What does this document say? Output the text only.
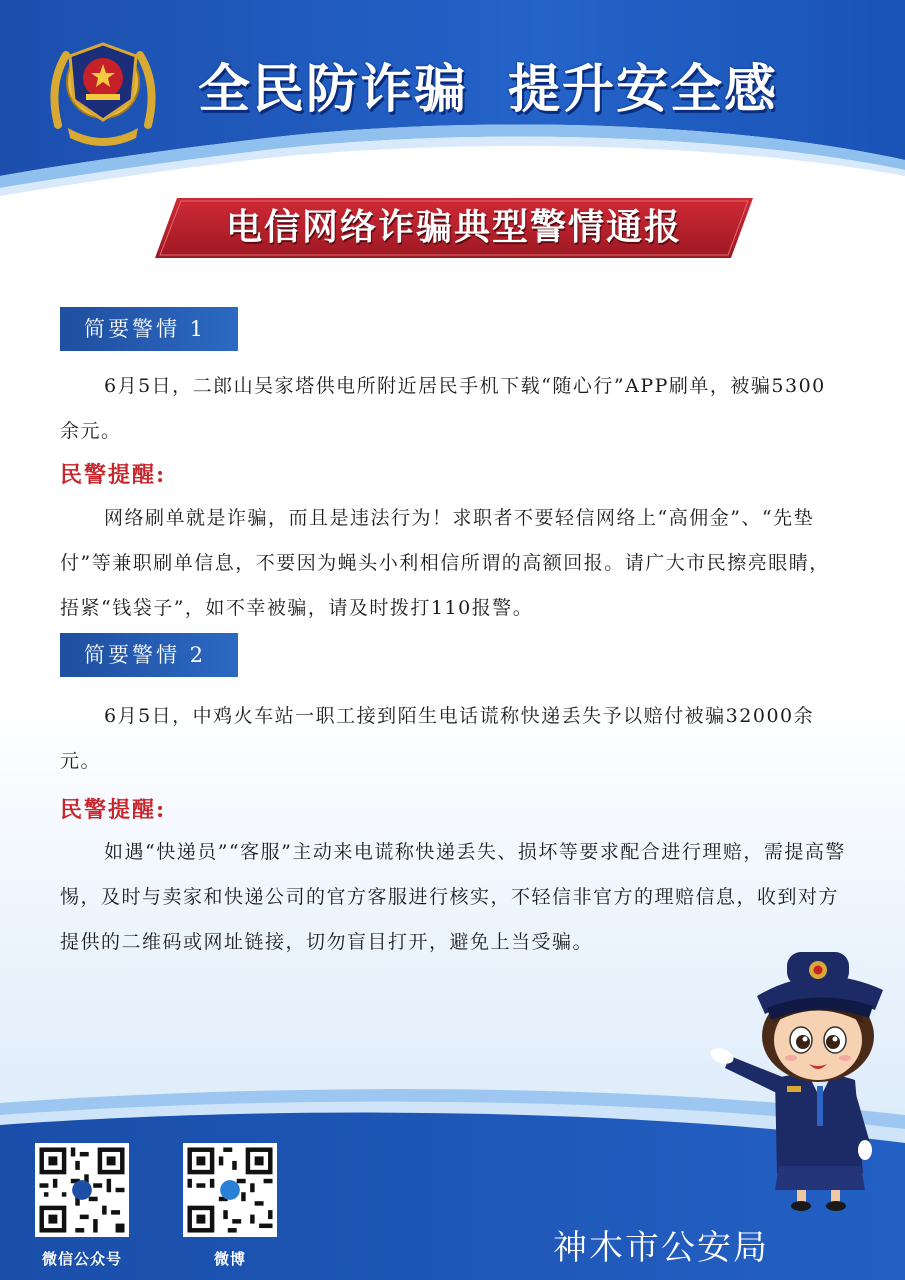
全民防诈骗 提升安全感
电信网络诈骗典型警情通报
简要警情 1

6月5日，二郎山吴家塔供电所附近居民手机下载“随心行”APP刷单，被骗5300余元。

民警提醒:

网络刷单就是诈骗，而且是违法行为！求职者不要轻信网络上“高佣金”、“先垫付”等兼职刷单信息，不要因为蝇头小利相信所谓的高额回报。请广大市民擦亮眼睛，捂紧“钱袋子”，如不幸被骗，请及时拨打110报警。

简要警情 2

6月5日，中鸡火车站一职工接到陌生电话谎称快递丢失予以赔付被骗32000余元。

民警提醒:

如遇“快递员”“客服”主动来电谎称快递丢失、损坏等要求配合进行理赔，需提高警惕，及时与卖家和快递公司的官方客服进行核实，不轻信非官方的理赔信息，收到对方提供的二维码或网址链接，切勿盲目打开，避免上当受骗。

微信公众号	微博	神木市公安局
